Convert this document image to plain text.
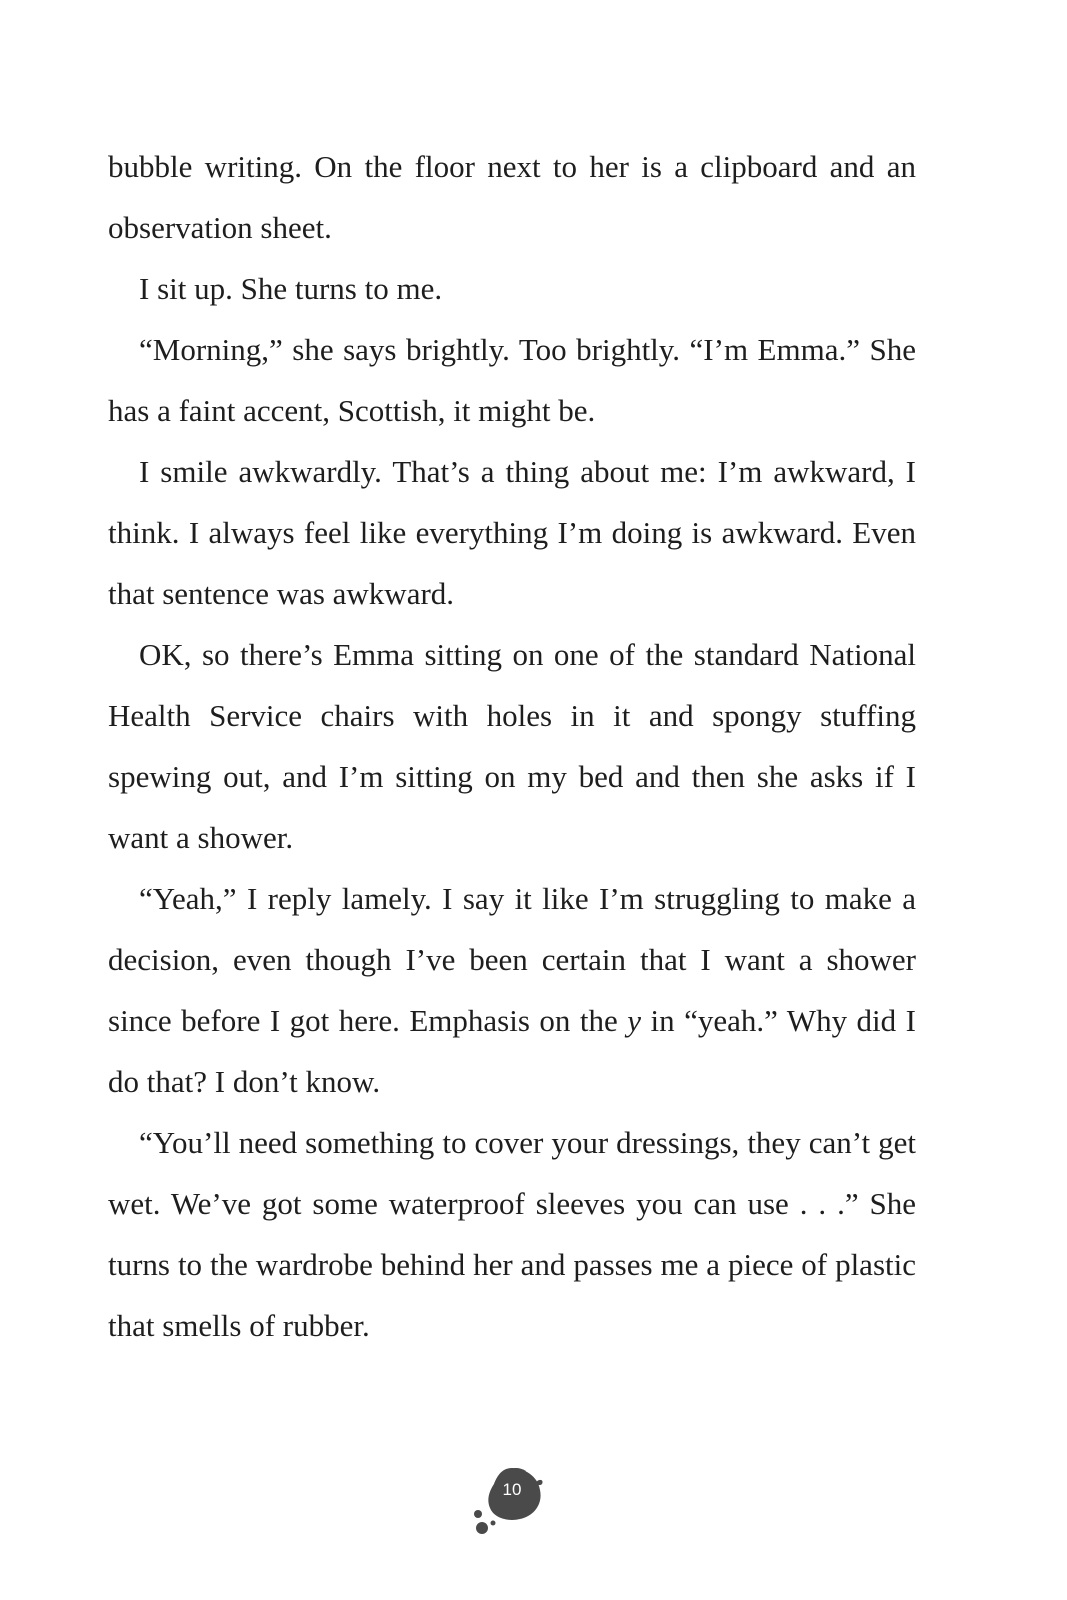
bubble writing. On the floor next to her is a clipboard and an observation sheet.

I sit up. She turns to me.

“Morning,” she says brightly. Too brightly. “I’m Emma.” She has a faint accent, Scottish, it might be.

I smile awkwardly. That’s a thing about me: I’m awkward, I think. I always feel like everything I’m doing is awkward. Even that sentence was awkward.

OK, so there’s Emma sitting on one of the standard National Health Service chairs with holes in it and spongy stuffing spewing out, and I’m sitting on my bed and then she asks if I want a shower.

“Yeah,” I reply lamely. I say it like I’m struggling to make a decision, even though I’ve been certain that I want a shower since before I got here. Emphasis on the y in “yeah.” Why did I do that? I don’t know.

“You’ll need something to cover your dressings, they can’t get wet. We’ve got some waterproof sleeves you can use . . .” She turns to the wardrobe behind her and passes me a piece of plastic that smells of rubber.

10
